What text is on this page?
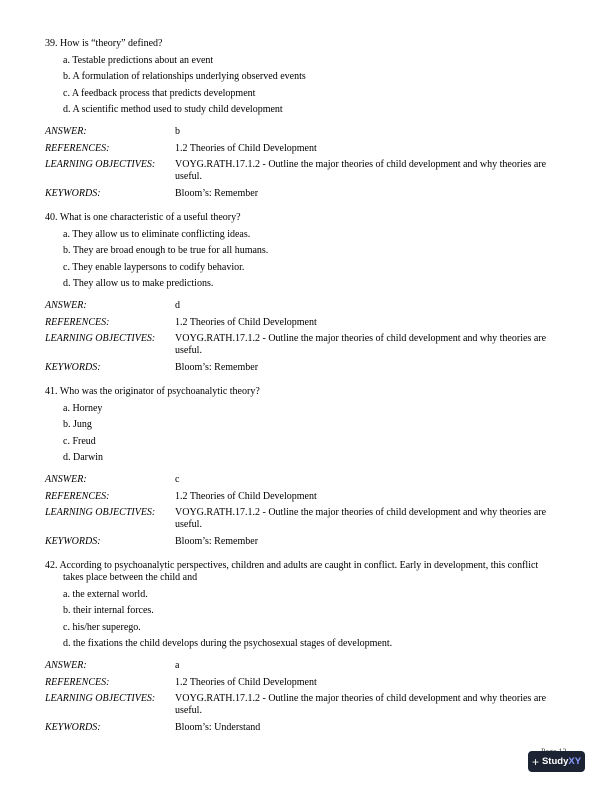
39. How is “theory” defined?
a. Testable predictions about an event
b. A formulation of relationships underlying observed events
c. A feedback process that predicts development
d. A scientific method used to study child development
ANSWER:	b
REFERENCES:	1.2 Theories of Child Development
LEARNING OBJECTIVES:	VOYG.RATH.17.1.2 - Outline the major theories of child development and why theories are useful.
KEYWORDS:	Bloom’s: Remember
40. What is one characteristic of a useful theory?
a. They allow us to eliminate conflicting ideas.
b. They are broad enough to be true for all humans.
c. They enable laypersons to codify behavior.
d. They allow us to make predictions.
ANSWER:	d
REFERENCES:	1.2 Theories of Child Development
LEARNING OBJECTIVES:	VOYG.RATH.17.1.2 - Outline the major theories of child development and why theories are useful.
KEYWORDS:	Bloom’s: Remember
41. Who was the originator of psychoanalytic theory?
a. Horney
b. Jung
c. Freud
d. Darwin
ANSWER:	c
REFERENCES:	1.2 Theories of Child Development
LEARNING OBJECTIVES:	VOYG.RATH.17.1.2 - Outline the major theories of child development and why theories are useful.
KEYWORDS:	Bloom’s: Remember
42. According to psychoanalytic perspectives, children and adults are caught in conflict. Early in development, this conflict takes place between the child and
a. the external world.
b. their internal forces.
c. his/her superego.
d. the fixations the child develops during the psychosexual stages of development.
ANSWER:	a
REFERENCES:	1.2 Theories of Child Development
LEARNING OBJECTIVES:	VOYG.RATH.17.1.2 - Outline the major theories of child development and why theories are useful.
KEYWORDS:	Bloom’s: Understand
+ Study XY
